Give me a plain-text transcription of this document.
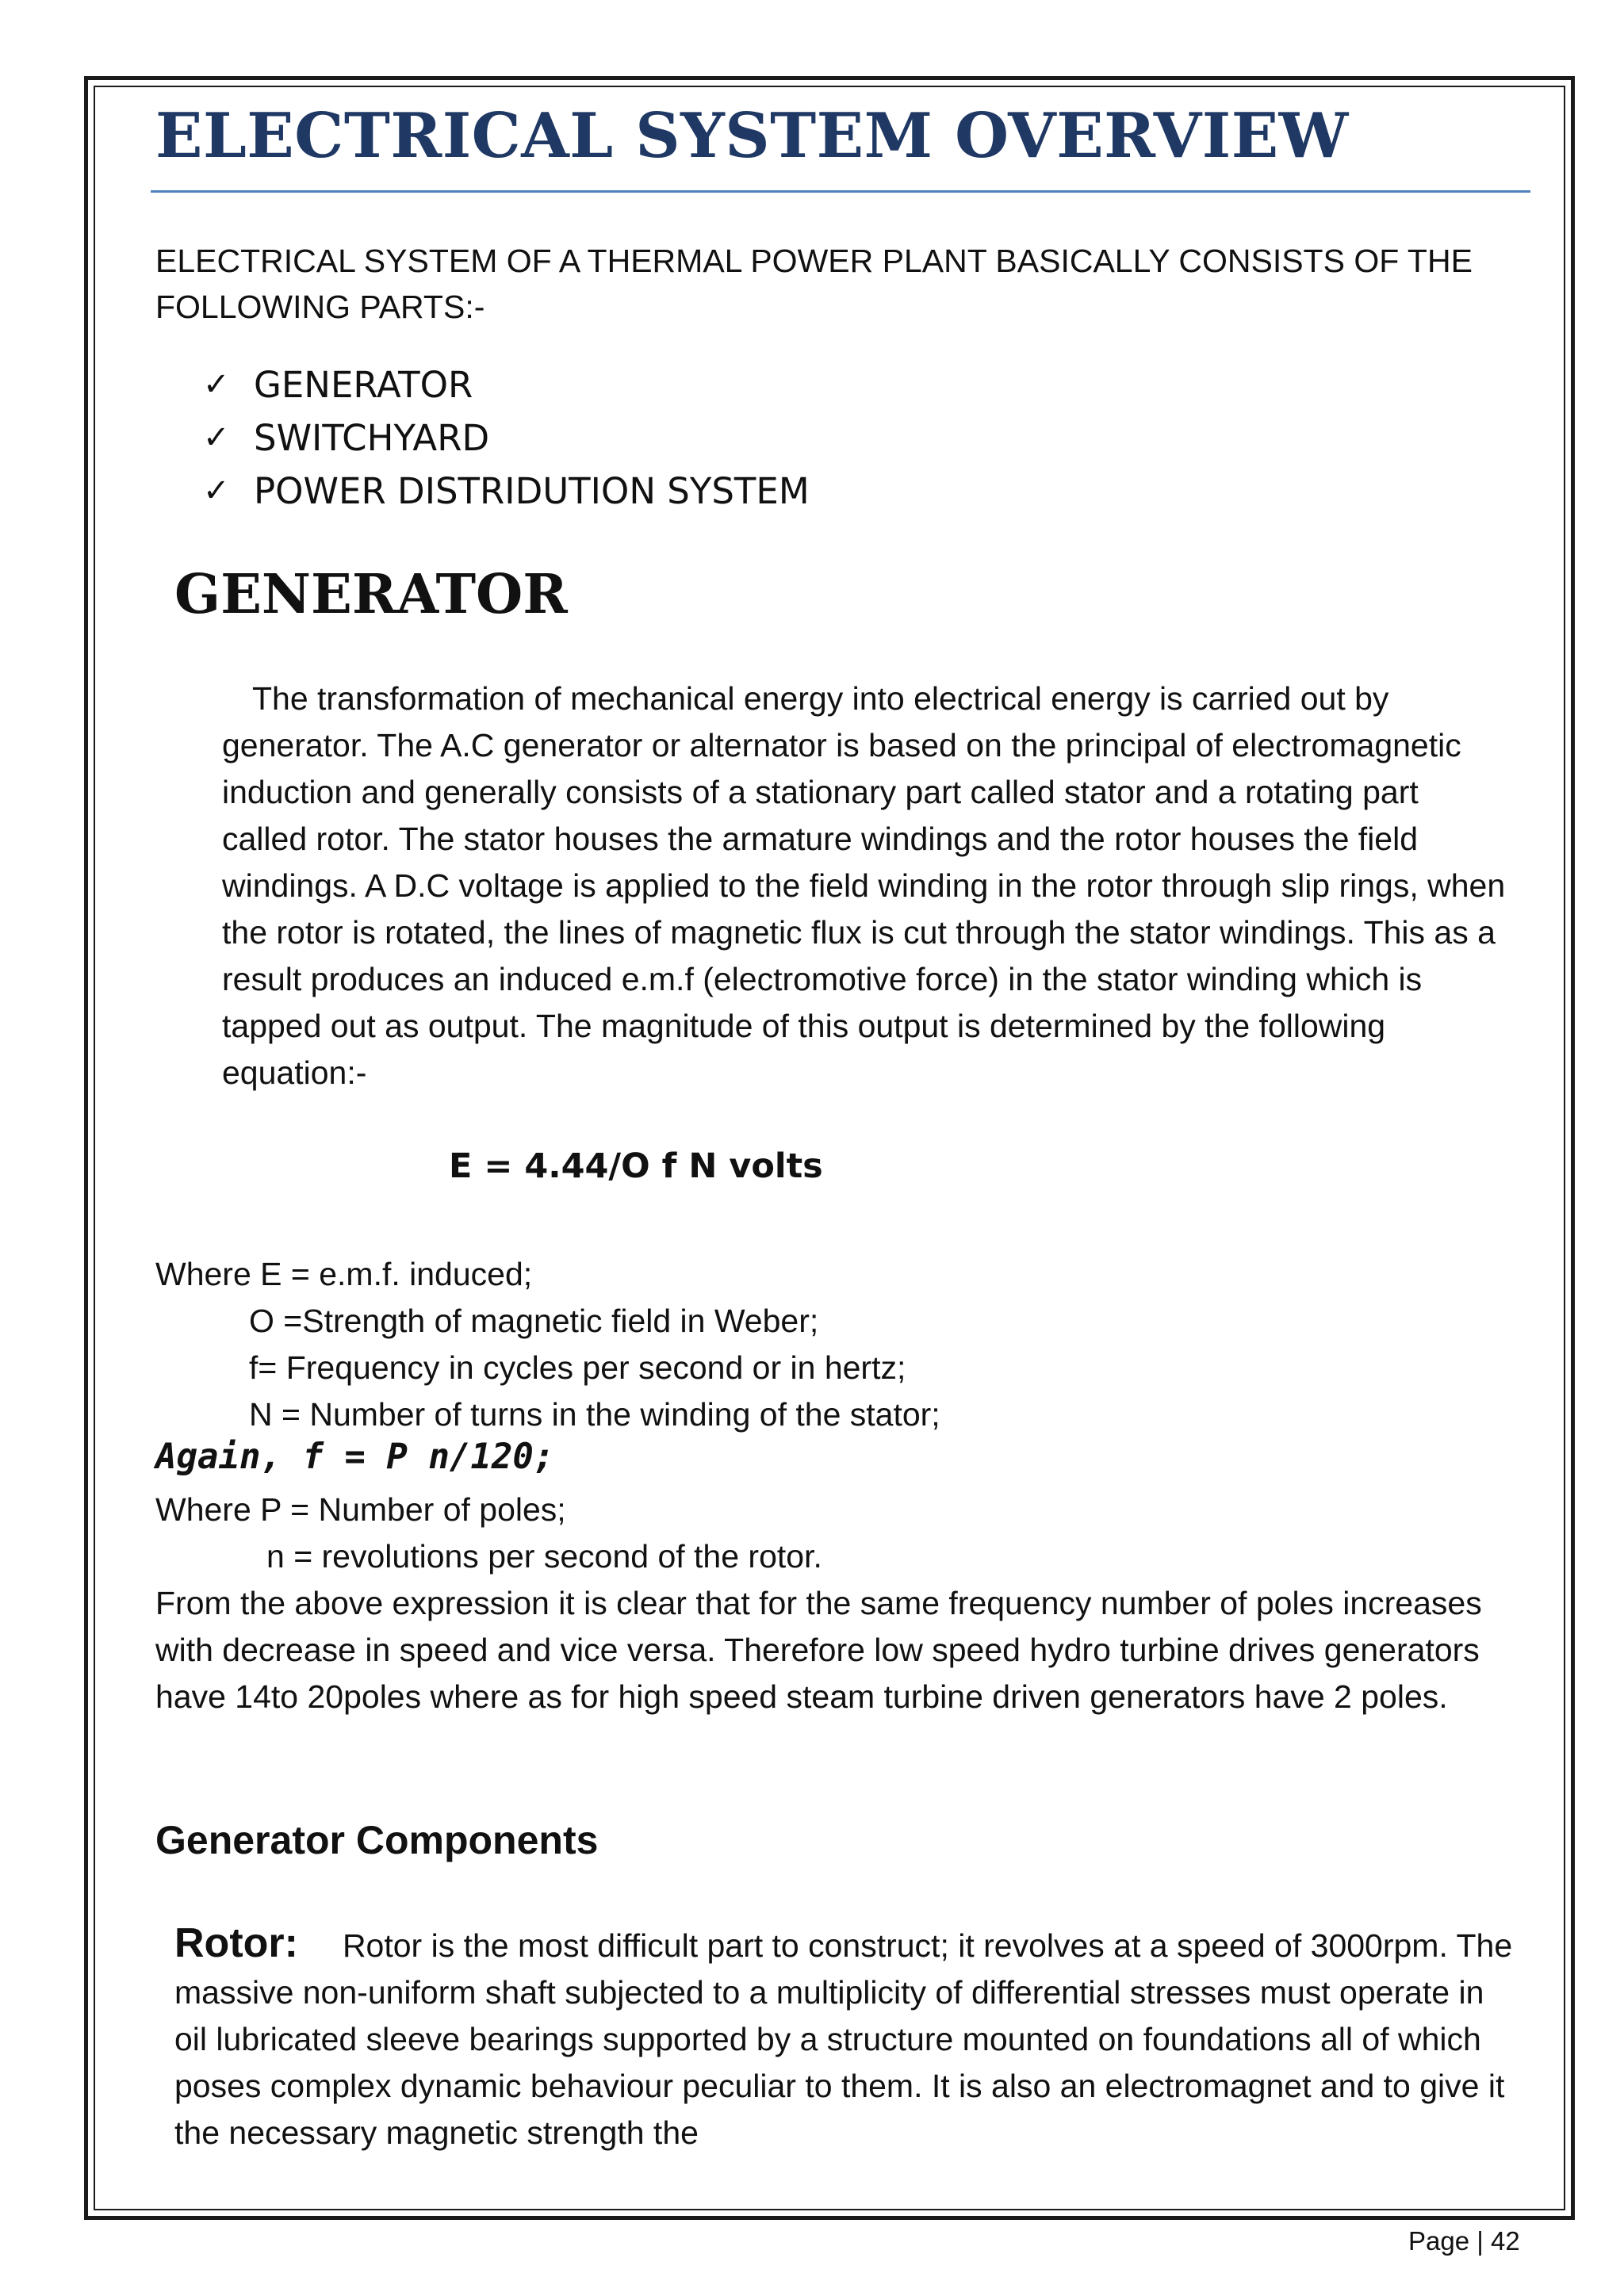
ELECTRICAL SYSTEM OVERVIEW

ELECTRICAL SYSTEM OF A THERMAL POWER PLANT BASICALLY CONSISTS OF THE FOLLOWING PARTS:-

✓ GENERATOR
✓ SWITCHYARD
✓ POWER DISTRIDUTION SYSTEM
GENERATOR

The transformation of mechanical energy into electrical energy is carried out by generator. The A.C generator or alternator is based on the principal of electromagnetic induction and generally consists of a stationary part called stator and a rotating part called rotor. The stator houses the armature windings and the rotor houses the field windings. A D.C voltage is applied to the field winding in the rotor through slip rings, when the rotor is rotated, the lines of magnetic flux is cut through the stator windings. This as a result produces an induced e.m.f (electromotive force) in the stator winding which is tapped out as output. The magnitude of this output is determined by the following equation:-

E = 4.44/O f N volts

Where E = e.m.f. induced;

O =Strength of magnetic field in Weber;

f= Frequency in cycles per second or in hertz;

N = Number of turns in the winding of the stator;

Again, f = P n/120;

Where P = Number of poles;

n = revolutions per second of the rotor.

From the above expression it is clear that for the same frequency number of poles increases with decrease in speed and vice versa. Therefore low speed hydro turbine drives generators have 14to 20poles where as for high speed steam turbine driven generators have 2 poles.

Generator Components

Rotor: Rotor is the most difficult part to construct; it revolves at a speed of 3000rpm. The massive non-uniform shaft subjected to a multiplicity of differential stresses must operate in oil lubricated sleeve bearings supported by a structure mounted on foundations all of which poses complex dynamic behaviour peculiar to them. It is also an electromagnet and to give it the necessary magnetic strength the

Page | 42
